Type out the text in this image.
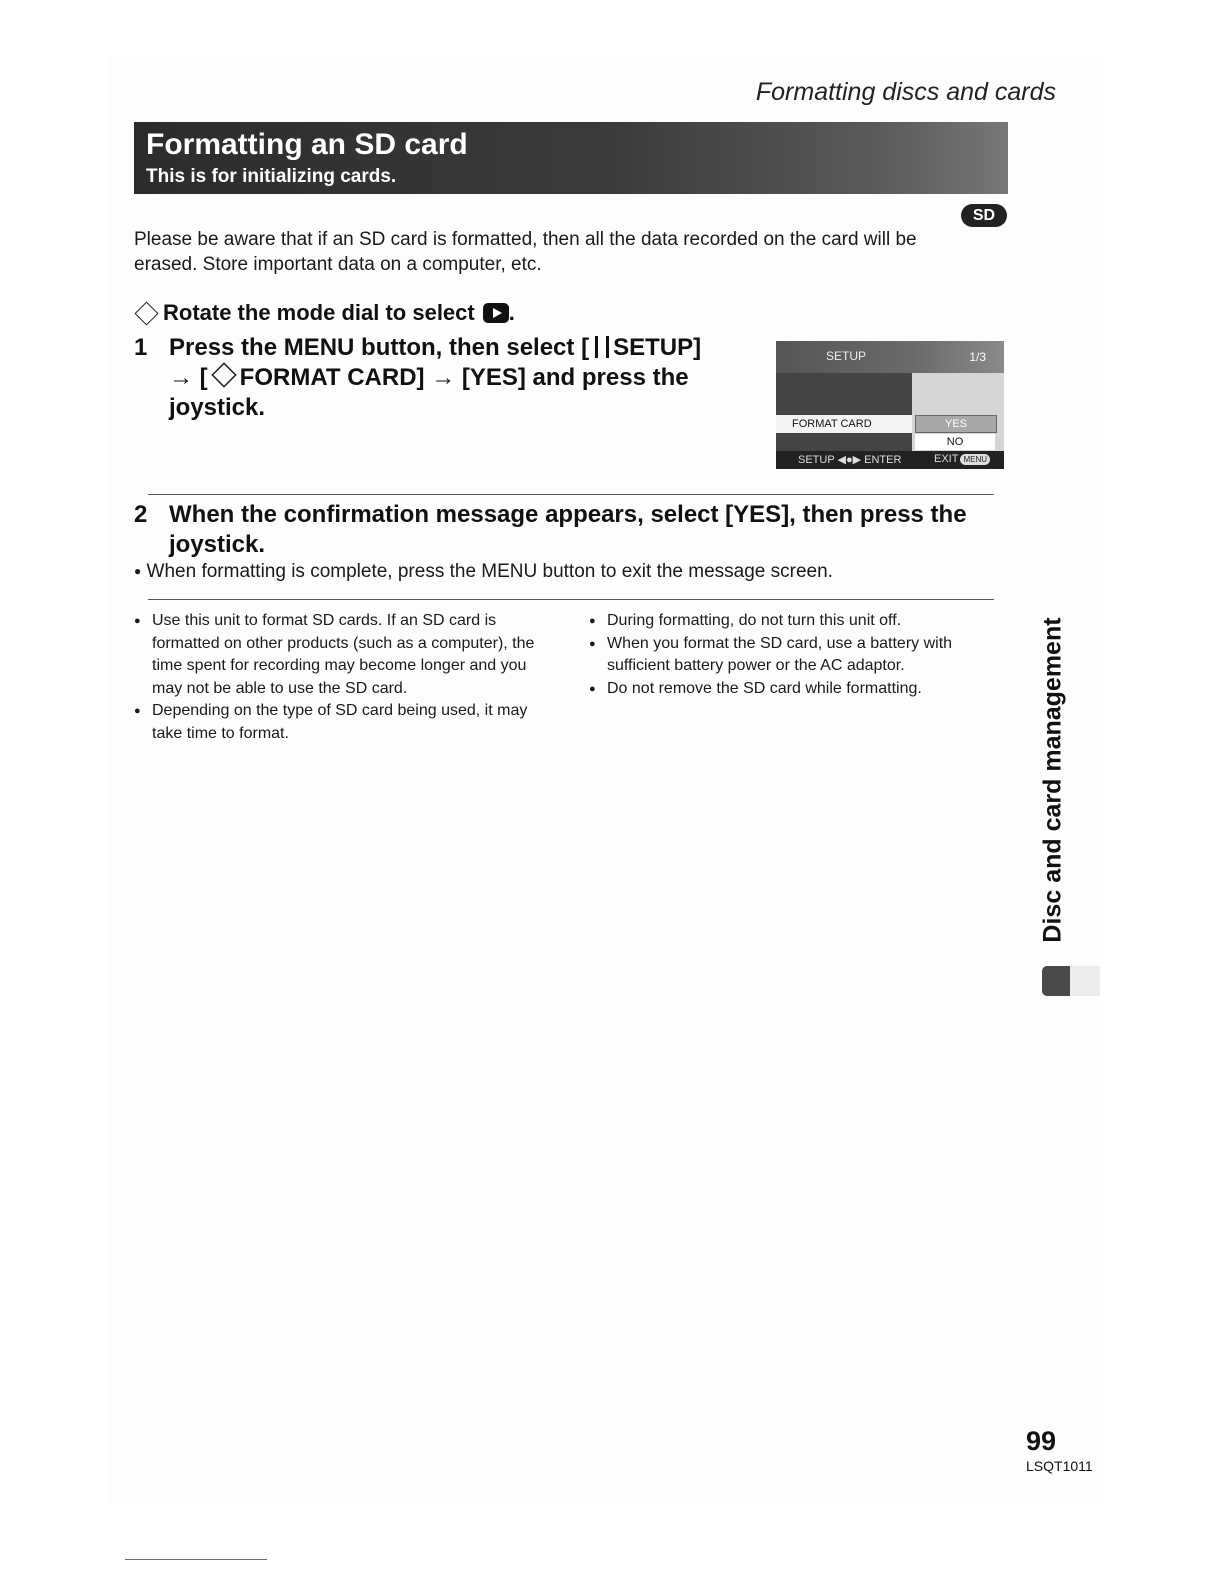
Formatting discs and cards
Formatting an SD card
This is for initializing cards.
SD
Please be aware that if an SD card is formatted, then all the data recorded on the card will be erased. Store important data on a computer, etc.
Rotate the mode dial to select .
1 Press the MENU button, then select [ SETUP]
→ [ FORMAT CARD] → [YES] and press the
joystick.
SETUP	1/3
FORMAT CARD	YES
NO
SETUP ◀●▶ ENTER	EXIT MENU
2 When the confirmation message appears, select [YES], then press the
joystick.
● When formatting is complete, press the MENU button to exit the message screen.
● Use this unit to format SD cards. If an SD card is formatted on other products (such as a computer), the time spent for recording may become longer and you may not be able to use the SD card.
● Depending on the type of SD card being used, it may take time to format.
● During formatting, do not turn this unit off.
● When you format the SD card, use a battery with sufficient battery power or the AC adaptor.
● Do not remove the SD card while formatting.	Disc and card management
99
LSQT1011
